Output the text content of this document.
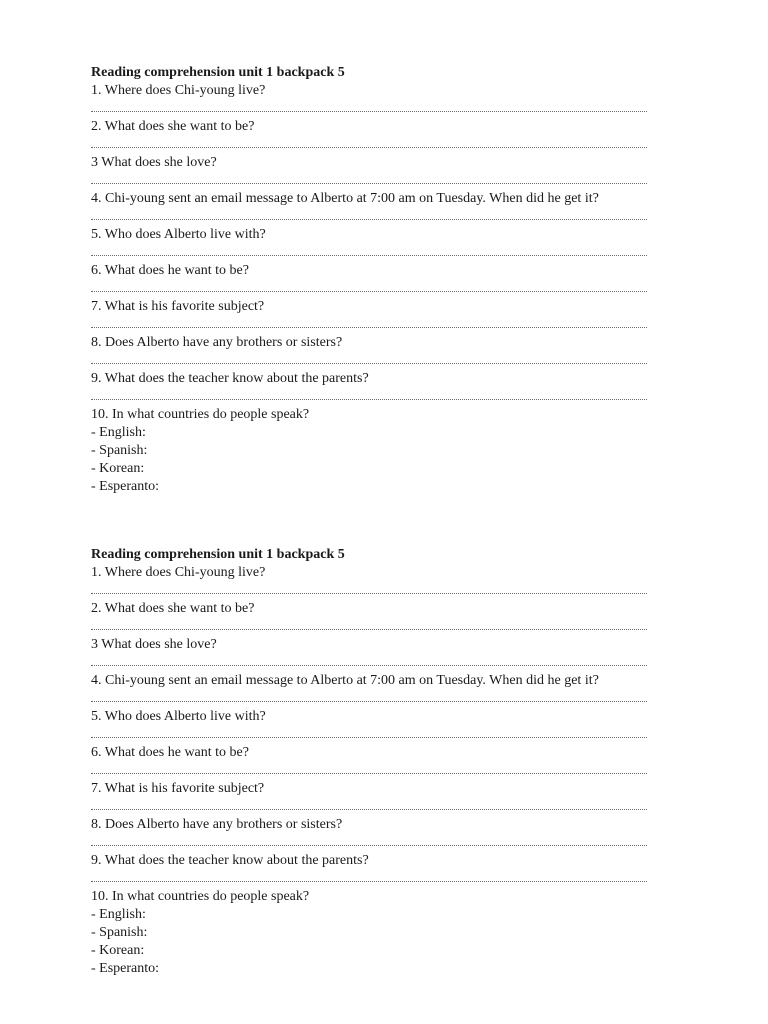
Reading comprehension unit 1 backpack 5
1. Where does Chi-young live?
2. What does she want to be?
3 What does she love?
4. Chi-young sent an email message to Alberto at 7:00 am on Tuesday. When did he get it?
5. Who does Alberto live with?
6. What does he want to be?
7. What is his favorite subject?
8. Does Alberto have any brothers or sisters?
9. What does the teacher know about the parents?
10. In what countries do people speak?
- English:
- Spanish:
- Korean:
- Esperanto:
Reading comprehension unit 1 backpack 5
1. Where does Chi-young live?
2. What does she want to be?
3 What does she love?
4. Chi-young sent an email message to Alberto at 7:00 am on Tuesday. When did he get it?
5. Who does Alberto live with?
6. What does he want to be?
7. What is his favorite subject?
8. Does Alberto have any brothers or sisters?
9. What does the teacher know about the parents?
10. In what countries do people speak?
- English:
- Spanish:
- Korean:
- Esperanto:
